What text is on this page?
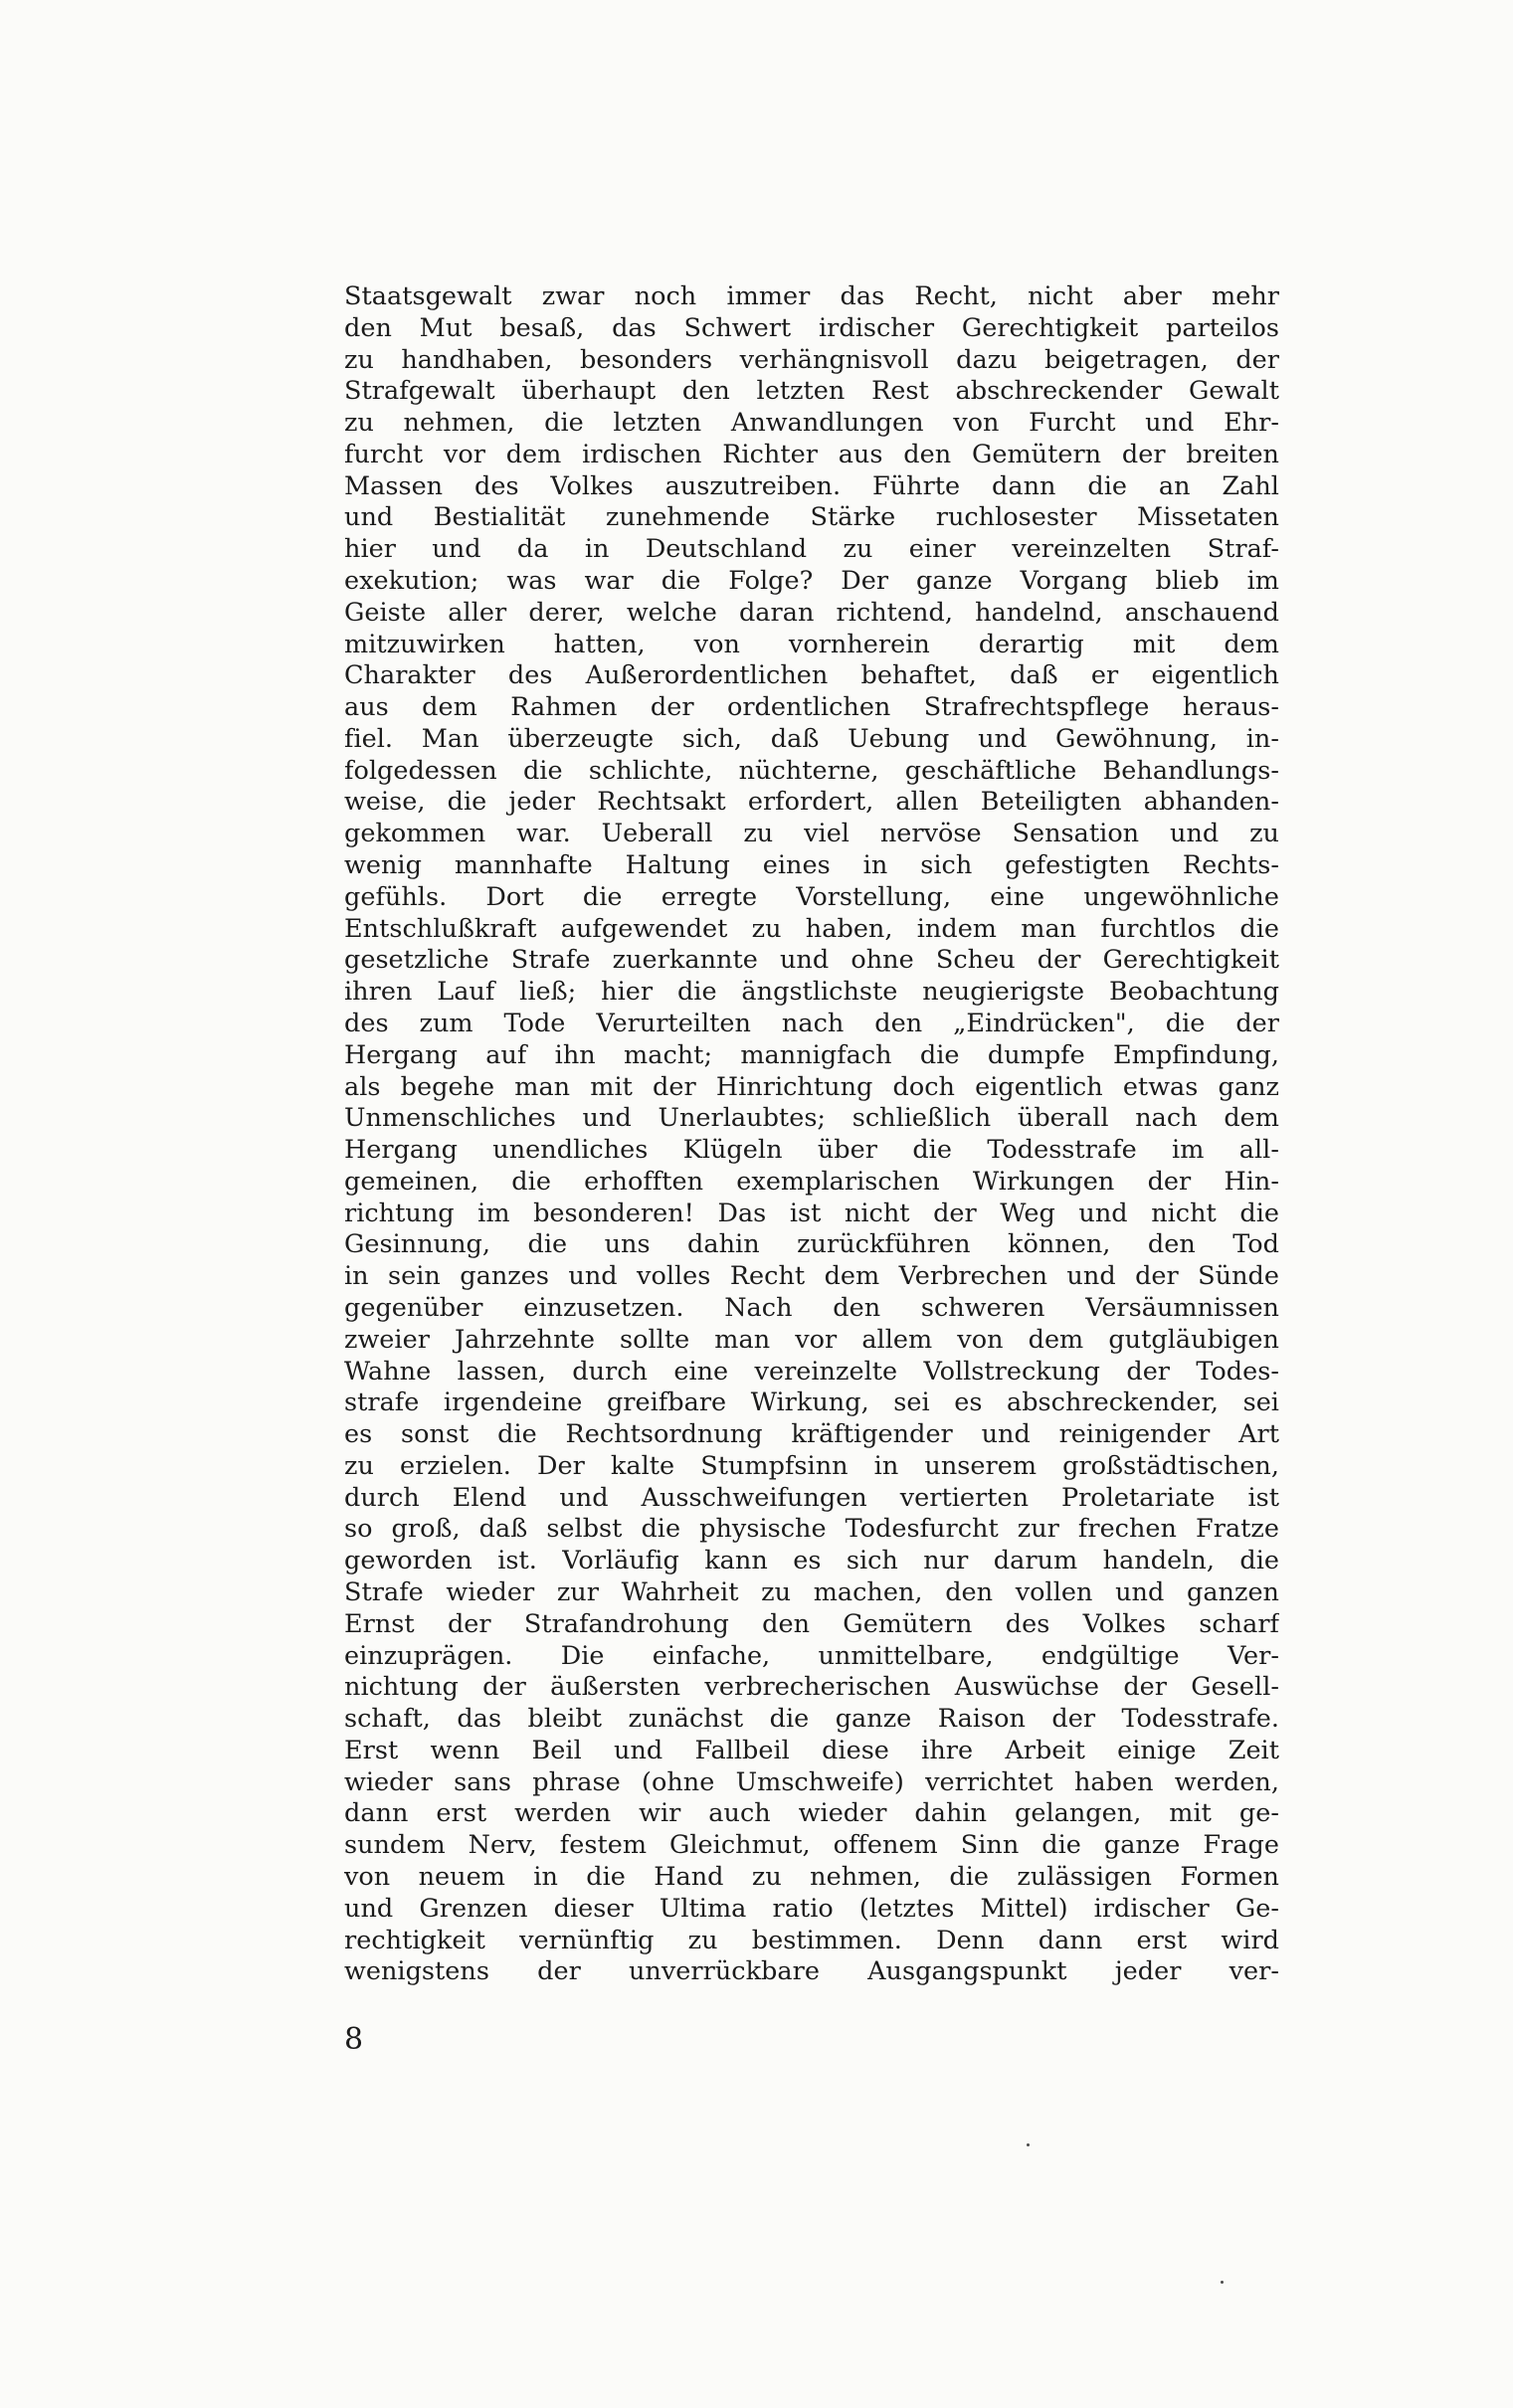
Staatsgewalt zwar noch immer das Recht, nicht aber mehr
den Mut besaß, das Schwert irdischer Gerechtigkeit parteilos
zu handhaben, besonders verhängnisvoll dazu beigetragen, der
Strafgewalt überhaupt den letzten Rest abschreckender Gewalt
zu nehmen, die letzten Anwandlungen von Furcht und Ehr-
furcht vor dem irdischen Richter aus den Gemütern der breiten
Massen des Volkes auszutreiben. Führte dann die an Zahl
und Bestialität zunehmende Stärke ruchlosester Missetaten
hier und da in Deutschland zu einer vereinzelten Straf-
exekution; was war die Folge? Der ganze Vorgang blieb im
Geiste aller derer, welche daran richtend, handelnd, anschauend
mitzuwirken hatten, von vornherein derartig mit dem
Charakter des Außerordentlichen behaftet, daß er eigentlich
aus dem Rahmen der ordentlichen Strafrechtspflege heraus-
fiel. Man überzeugte sich, daß Uebung und Gewöhnung, in-
folgedessen die schlichte, nüchterne, geschäftliche Behandlungs-
weise, die jeder Rechtsakt erfordert, allen Beteiligten abhanden-
gekommen war. Ueberall zu viel nervöse Sensation und zu
wenig mannhafte Haltung eines in sich gefestigten Rechts-
gefühls. Dort die erregte Vorstellung, eine ungewöhnliche
Entschlußkraft aufgewendet zu haben, indem man furchtlos die
gesetzliche Strafe zuerkannte und ohne Scheu der Gerechtigkeit
ihren Lauf ließ; hier die ängstlichste neugierigste Beobachtung
des zum Tode Verurteilten nach den „Eindrücken", die der
Hergang auf ihn macht; mannigfach die dumpfe Empfindung,
als begehe man mit der Hinrichtung doch eigentlich etwas ganz
Unmenschliches und Unerlaubtes; schließlich überall nach dem
Hergang unendliches Klügeln über die Todesstrafe im all-
gemeinen, die erhofften exemplarischen Wirkungen der Hin-
richtung im besonderen! Das ist nicht der Weg und nicht die
Gesinnung, die uns dahin zurückführen können, den Tod
in sein ganzes und volles Recht dem Verbrechen und der Sünde
gegenüber einzusetzen. Nach den schweren Versäumnissen
zweier Jahrzehnte sollte man vor allem von dem gutgläubigen
Wahne lassen, durch eine vereinzelte Vollstreckung der Todes-
strafe irgendeine greifbare Wirkung, sei es abschreckender, sei
es sonst die Rechtsordnung kräftigender und reinigender Art
zu erzielen. Der kalte Stumpfsinn in unserem großstädtischen,
durch Elend und Ausschweifungen vertierten Proletariate ist
so groß, daß selbst die physische Todesfurcht zur frechen Fratze
geworden ist. Vorläufig kann es sich nur darum handeln, die
Strafe wieder zur Wahrheit zu machen, den vollen und ganzen
Ernst der Strafandrohung den Gemütern des Volkes scharf
einzuprägen. Die einfache, unmittelbare, endgültige Ver-
nichtung der äußersten verbrecherischen Auswüchse der Gesell-
schaft, das bleibt zunächst die ganze Raison der Todesstrafe.
Erst wenn Beil und Fallbeil diese ihre Arbeit einige Zeit
wieder sans phrase (ohne Umschweife) verrichtet haben werden,
dann erst werden wir auch wieder dahin gelangen, mit ge-
sundem Nerv, festem Gleichmut, offenem Sinn die ganze Frage
von neuem in die Hand zu nehmen, die zulässigen Formen
und Grenzen dieser Ultima ratio (letztes Mittel) irdischer Ge-
rechtigkeit vernünftig zu bestimmen. Denn dann erst wird
wenigstens der unverrückbare Ausgangspunkt jeder ver-
8
